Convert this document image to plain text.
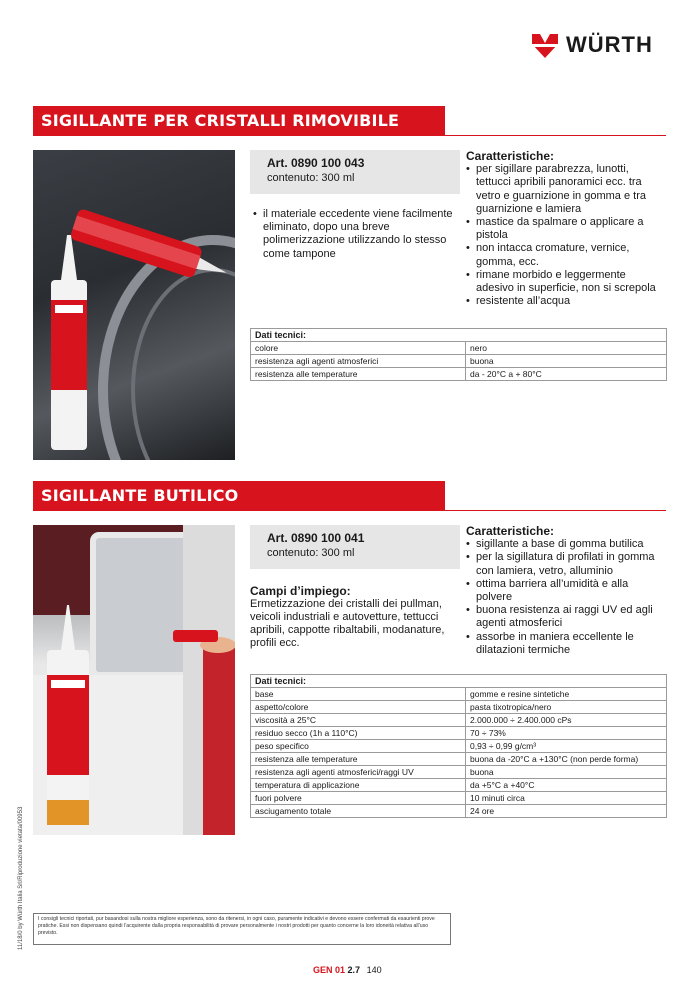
WÜRTH
SIGILLANTE PER CRISTALLI RIMOVIBILE
Art. 0890 100 043
contenuto: 300 ml
• il materiale eccedente viene facilmente eliminato, dopo una breve polimerizzazione utilizzando lo stesso come tampone
Caratteristiche:
• per sigillare parabrezza, lunotti, tettucci apribili panoramici ecc. tra vetro e guarnizione in gomma e tra guarnizione e lamiera
• mastice da spalmare o applicare a pistola
• non intacca cromature, vernice, gomma, ecc.
• rimane morbido e leggermente adesivo in superficie, non si screpola
• resistente all’acqua
Dati tecnici:	
colore	nero
resistenza agli agenti atmosferici	buona
resistenza alle temperature	da - 20°C a + 80°C
SIGILLANTE BUTILICO
Art. 0890 100 041
contenuto: 300 ml
Campi d’impiego:

Ermetizzazione dei cristalli dei pullman, veicoli industriali e autovetture, tettucci apribili, cappotte ribaltabili, modanature, profili ecc.

Caratteristiche:
• sigillante a base di gomma butilica
• per la sigillatura di profilati in gomma con lamiera, vetro, alluminio
• ottima barriera all’umidità e alla polvere
• buona resistenza ai raggi UV ed agli agenti atmosferici
• assorbe in maniera eccellente le dilatazioni termiche
Dati tecnici:	
base	gomme e resine sintetiche
aspetto/colore	pasta tixotropica/nero
viscosità a 25°C	2.000.000 ÷ 2.400.000 cPs
residuo secco (1h a 110°C)	70 ÷ 73%
peso specifico	0,93 ÷ 0,99 g/cm³
resistenza alle temperature	buona da -20°C a +130°C (non perde forma)
resistenza agli agenti atmosferici/raggi UV	buona
temperatura di applicazione	da +5°C a +40°C
fuori polvere	10 minuti circa
asciugamento totale	24 ore
I consigli tecnici riportati, pur basandosi sulla nostra migliore esperienza, sono da ritenersi, in ogni caso, puramente indicativi e devono essere confermati da esaurienti prove pratiche. Essi non dispensano quindi l’acquirente dalla propria responsabilità di provare personalmente i nostri prodotti per quanto concerne la loro idoneità relativa all’uso previsto.
11/18/0 by Würth Italia Srl/Riproduzione vietata/00953
GEN 01 2.7 140
